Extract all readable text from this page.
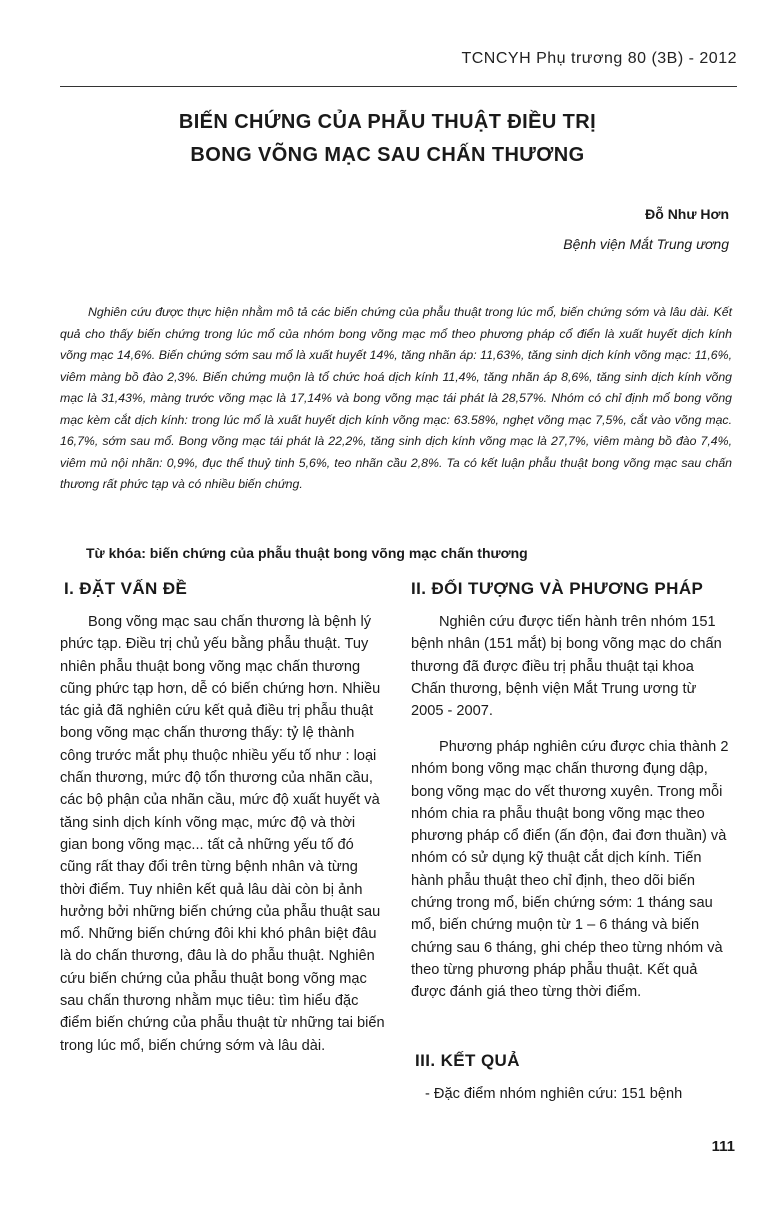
TCNCYH Phụ trương 80 (3B) - 2012
BIẾN CHỨNG CỦA PHẪU THUẬT ĐIỀU TRỊ
BONG VÕNG MẠC SAU CHẤN THƯƠNG
Đỗ Như Hơn
Bệnh viện Mắt Trung ương

Nghiên cứu được thực hiện nhằm mô tả các biến chứng của phẫu thuật trong lúc mổ, biến chứng sớm và lâu dài. Kết quả cho thấy biến chứng trong lúc mổ của nhóm bong võng mạc mổ theo phương pháp cổ điển là xuất huyết dịch kính võng mạc 14,6%. Biến chứng sớm sau mổ là xuất huyết 14%, tăng nhãn áp: 11,63%, tăng sinh dịch kính võng mạc: 11,6%, viêm màng bồ đào 2,3%. Biến chứng muộn là tổ chức hoá dịch kính 11,4%, tăng nhãn áp 8,6%, tăng sinh dịch kính võng mạc là 31,43%, màng trước võng mạc là 17,14% và bong võng mạc tái phát là 28,57%. Nhóm có chỉ định mổ bong võng mạc kèm cắt dịch kính: trong lúc mổ là xuất huyết dịch kính võng mạc: 63.58%, nghẹt võng mạc 7,5%, cắt vào võng mạc. 16,7%, sớm sau mổ. Bong võng mạc tái phát là 22,2%, tăng sinh dịch kính võng mạc là 27,7%, viêm màng bồ đào 7,4%, viêm mủ nội nhãn: 0,9%, đục thể thuỷ tinh 5,6%, teo nhãn cầu 2,8%. Ta có kết luận phẫu thuật bong võng mạc sau chấn thương rất phức tạp và có nhiều biến chứng.

Từ khóa: biến chứng của phẫu thuật bong võng mạc chấn thương

I. ĐẶT VẤN ĐỀ

Bong võng mạc sau chấn thương là bệnh lý phức tạp. Điều trị chủ yếu bằng phẫu thuật. Tuy nhiên phẫu thuật bong võng mạc chấn thương cũng phức tạp hơn, dễ có biến chứng hơn. Nhiều tác giả đã nghiên cứu kết quả điều trị phẫu thuật bong võng mạc chấn thương thấy: tỷ lệ thành công trước mắt phụ thuộc nhiều yếu tố như : loại chấn thương, mức độ tổn thương của nhãn cầu, các bộ phận của nhãn cầu, mức độ xuất huyết và tăng sinh dịch kính võng mạc, mức độ và thời gian bong võng mạc... tất cả những yếu tố đó cũng rất thay đổi trên từng bệnh nhân và từng thời điểm. Tuy nhiên kết quả lâu dài còn bị ảnh hưởng bởi những biến chứng của phẫu thuật sau mổ. Những biến chứng đôi khi khó phân biệt đâu là do chấn thương, đâu là do phẫu thuật. Nghiên cứu biến chứng của phẫu thuật bong võng mạc sau chấn thương nhằm mục tiêu: tìm hiểu đặc điểm biến chứng của phẫu thuật từ những tai biến trong lúc mổ, biến chứng sớm và lâu dài.

II. ĐỐI TƯỢNG VÀ PHƯƠNG PHÁP

Nghiên cứu được tiến hành trên nhóm 151 bệnh nhân (151 mắt) bị bong võng mạc do chấn thương đã được điều trị phẫu thuật tại khoa Chấn thương, bệnh viện Mắt Trung ương từ 2005 - 2007.

Phương pháp nghiên cứu được chia thành 2 nhóm bong võng mạc chấn thương đụng dập, bong võng mạc do vết thương xuyên. Trong mỗi nhóm chia ra phẫu thuật bong võng mạc theo phương pháp cổ điển (ấn độn, đai đơn thuần) và nhóm có sử dụng kỹ thuật cắt dịch kính. Tiến hành phẫu thuật theo chỉ định, theo dõi biến chứng trong mổ, biến chứng sớm: 1 tháng sau mổ, biến chứng muộn từ 1 – 6 tháng và biến chứng sau 6 tháng, ghi chép theo từng nhóm và theo từng phương pháp phẫu thuật. Kết quả được đánh giá theo từng thời điểm.

III. KẾT QUẢ

- Đặc điểm nhóm nghiên cứu: 151 bệnh

111
